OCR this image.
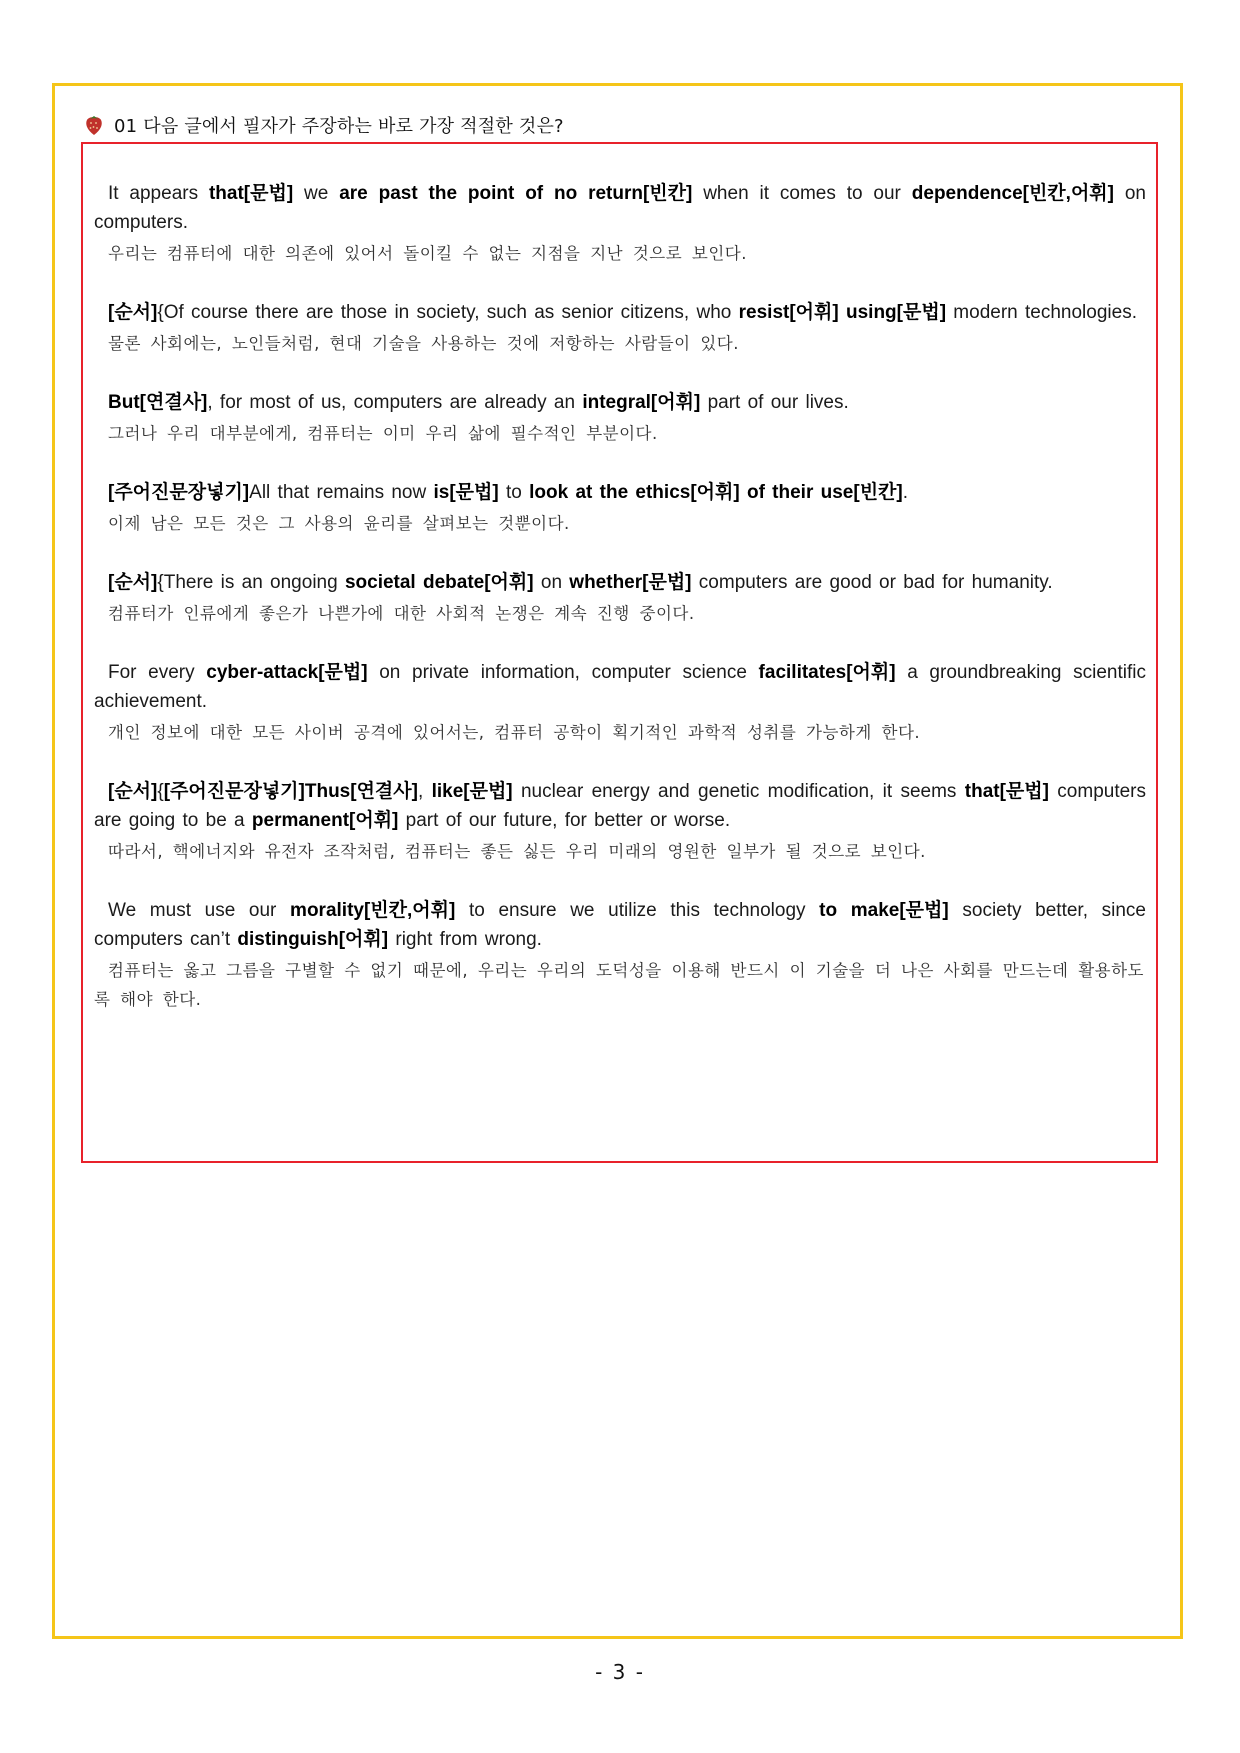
01 다음 글에서 필자가 주장하는 바로 가장 적절한 것은?
It appears that[문법] we are past the point of no return[빈칸] when it comes to our dependence[빈칸,어휘] on computers.
우리는 컴퓨터에 대한 의존에 있어서 돌이킬 수 없는 지점을 지난 것으로 보인다.
[순서]{Of course there are those in society, such as senior citizens, who resist[어휘] using[문법] modern technologies.
물론 사회에는, 노인들처럼, 현대 기술을 사용하는 것에 저항하는 사람들이 있다.
But[연결사], for most of us, computers are already an integral[어휘] part of our lives.
그러나 우리 대부분에게, 컴퓨터는 이미 우리 삶에 필수적인 부분이다.
[주어진문장넣기]All that remains now is[문법] to look at the ethics[어휘] of their use[빈칸].
이제 남은 모든 것은 그 사용의 윤리를 살펴보는 것뿐이다.
[순서]{There is an ongoing societal debate[어휘] on whether[문법] computers are good or bad for humanity.
컴퓨터가 인류에게 좋은가 나쁜가에 대한 사회적 논쟁은 계속 진행 중이다.
For every cyber-attack[문법] on private information, computer science facilitates[어휘] a groundbreaking scientific achievement.
개인 정보에 대한 모든 사이버 공격에 있어서는, 컴퓨터 공학이 획기적인 과학적 성취를 가능하게 한다.
[순서]{[주어진문장넣기]Thus[연결사], like[문법] nuclear energy and genetic modification, it seems that[문법] computers are going to be a permanent[어휘] part of our future, for better or worse.
따라서, 핵에너지와 유전자 조작처럼, 컴퓨터는 좋든 싫든 우리 미래의 영원한 일부가 될 것으로 보인다.
We must use our morality[빈칸,어휘] to ensure we utilize this technology to make[문법] society better, since computers can’t distinguish[어휘] right from wrong.
컴퓨터는 옳고 그름을 구별할 수 없기 때문에, 우리는 우리의 도덕성을 이용해 반드시 이 기술을 더 나은 사회를 만드는데 활용하도록 해야 한다.
- 3 -
